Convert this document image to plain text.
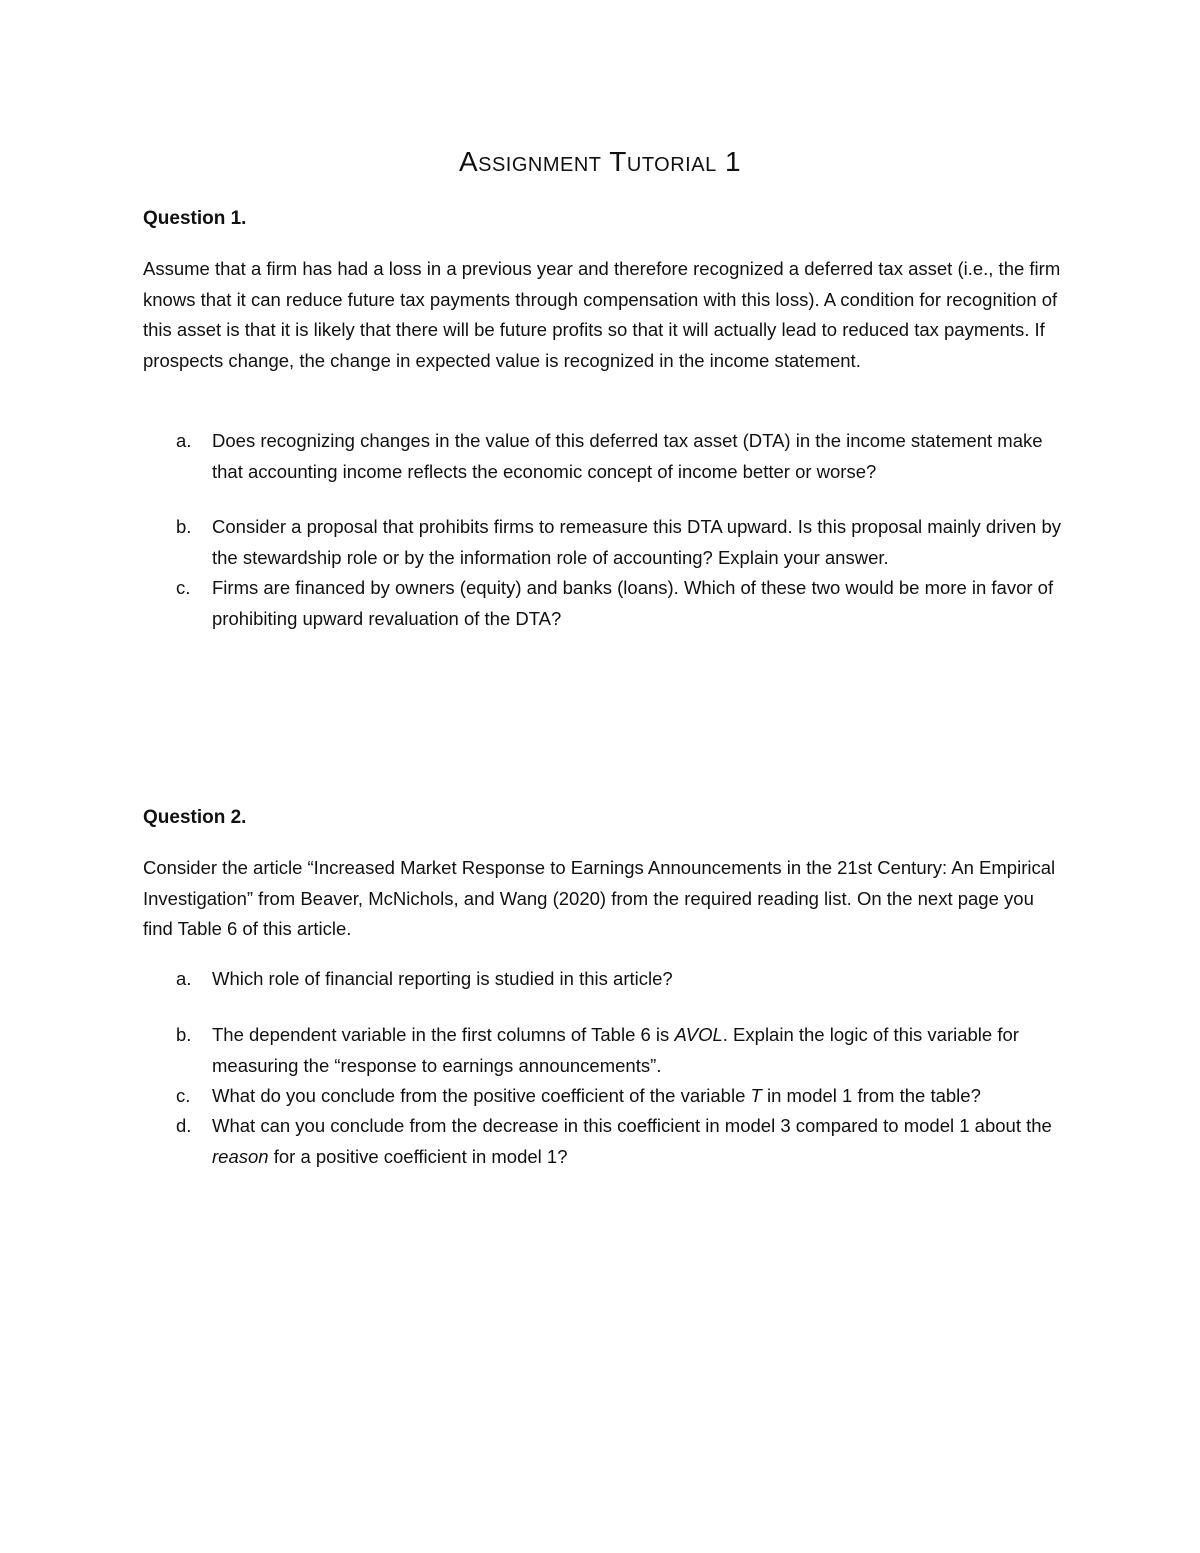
Assignment Tutorial 1

Question 1.

Assume that a firm has had a loss in a previous year and therefore recognized a deferred tax asset (i.e., the firm knows that it can reduce future tax payments through compensation with this loss). A condition for recognition of this asset is that it is likely that there will be future profits so that it will actually lead to reduced tax payments. If prospects change, the change in expected value is recognized in the income statement.

a. Does recognizing changes in the value of this deferred tax asset (DTA) in the income statement make that accounting income reflects the economic concept of income better or worse?
b. Consider a proposal that prohibits firms to remeasure this DTA upward. Is this proposal mainly driven by the stewardship role or by the information role of accounting? Explain your answer.
c. Firms are financed by owners (equity) and banks (loans). Which of these two would be more in favor of prohibiting upward revaluation of the DTA?

Question 2.

Consider the article “Increased Market Response to Earnings Announcements in the 21st Century: An Empirical Investigation” from Beaver, McNichols, and Wang (2020) from the required reading list. On the next page you find Table 6 of this article.

a. Which role of financial reporting is studied in this article?
b. The dependent variable in the first columns of Table 6 is AVOL. Explain the logic of this variable for measuring the “response to earnings announcements”.
c. What do you conclude from the positive coefficient of the variable T in model 1 from the table?
d. What can you conclude from the decrease in this coefficient in model 3 compared to model 1 about the reason for a positive coefficient in model 1?
